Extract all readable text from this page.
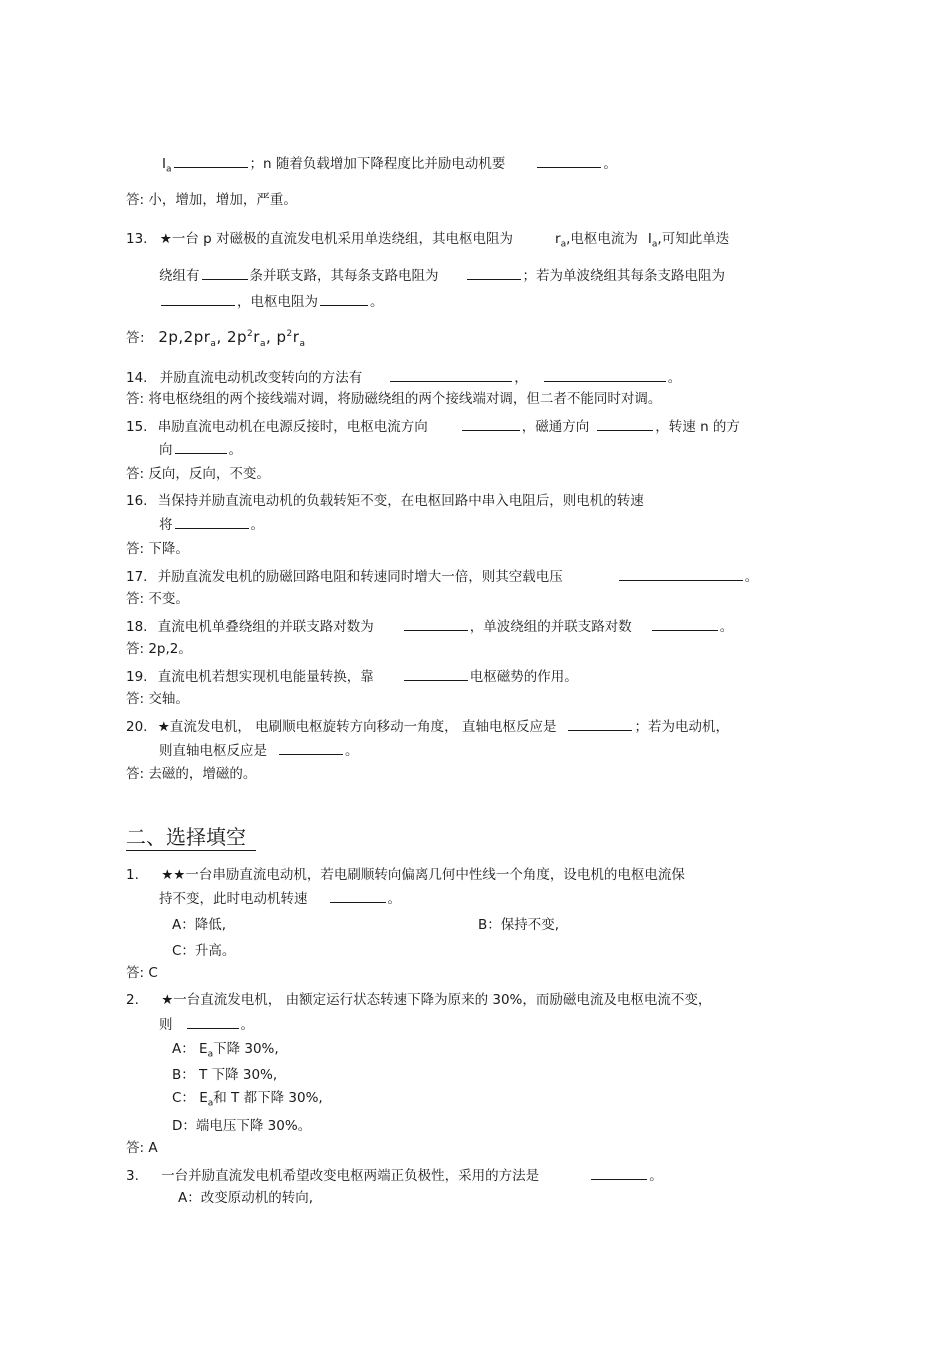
$I_a$	；n 随着负载增加下降程度比并励电动机要	。
答: 小，增加，增加，严重。
13. ★一台 p 对磁极的直流发电机采用单迭绕组，其电枢电阻为	$r_a$,电枢电流为 $I_a$,可知此单迭
绕组有	条并联支路，其每条支路电阻为	；若为单波绕组其每条支路电阻为
，电枢电阻为	。
答: $2p,2pr_a$, $2p^2r_a$, $p^2r_a$
14. 并励直流电动机改变转向的方法有	，	。
答: 将电枢绕组的两个接线端对调，将励磁绕组的两个接线端对调，但二者不能同时对调。
15. 串励直流电动机在电源反接时，电枢电流方向	，磁通方向	，转速 n 的方
向	。
答: 反向，反向，不变。
16. 当保持并励直流电动机的负载转矩不变，在电枢回路中串入电阻后，则电机的转速
将	。
答: 下降。
17. 并励直流发电机的励磁回路电阻和转速同时增大一倍，则其空载电压	。
答: 不变。
18. 直流电机单叠绕组的并联支路对数为	，单波绕组的并联支路对数	。
答: 2p,2。
19. 直流电机若想实现机电能量转换，靠	电枢磁势的作用。
答: 交轴。
20. ★直流发电机， 电刷顺电枢旋转方向移动一角度， 直轴电枢反应是	；若为电动机，
则直轴电枢反应是	。
答: 去磁的，增磁的。
二、选择填空
1. ★★一台串励直流电动机，若电刷顺转向偏离几何中性线一个角度，设电机的电枢电流保
持不变，此时电动机转速	。
A：降低,	B：保持不变,
C：升高。
答: C
2. ★一台直流发电机， 由额定运行状态转速下降为原来的 30%，而励磁电流及电枢电流不变，
则	。
A： $E_a$下降 30%,
B： T 下降 30%,
C： $E_a$和 T 都下降 30%,
D：端电压下降 30%。
答: A
3. 一台并励直流发电机希望改变电枢两端正负极性，采用的方法是	。
A：改变原动机的转向,
